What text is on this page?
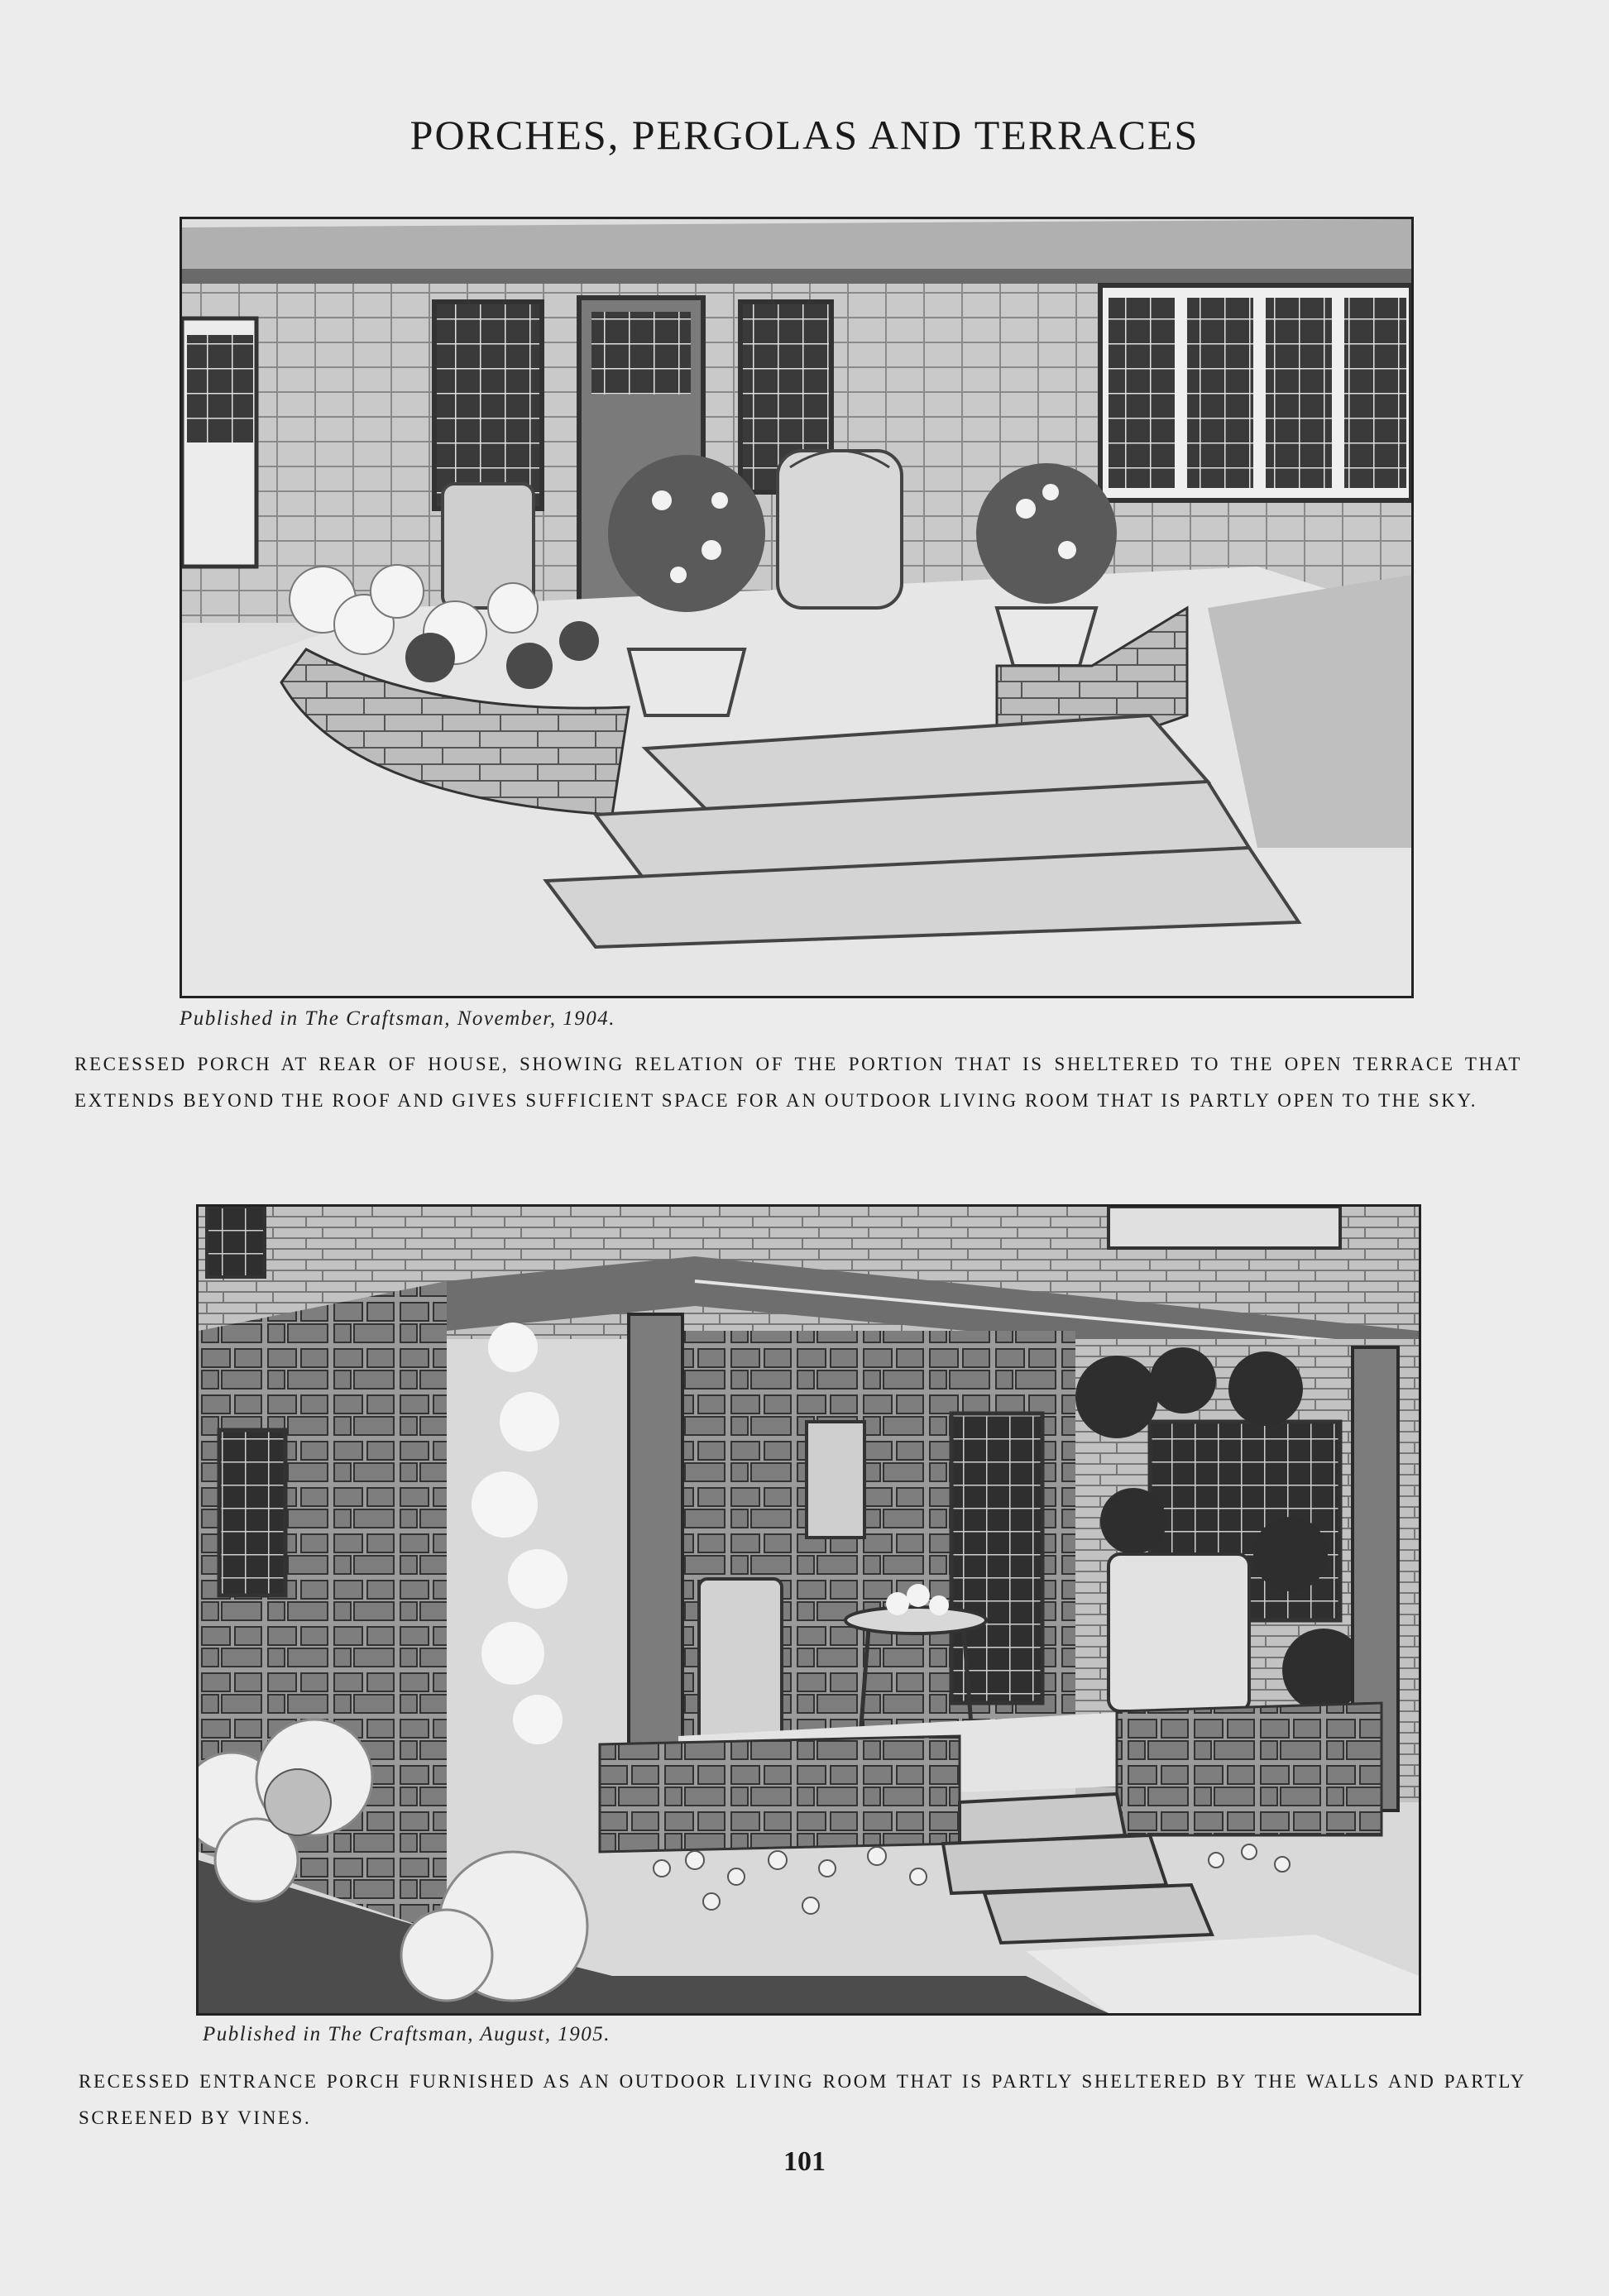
PORCHES, PERGOLAS AND TERRACES
Published in The Craftsman, November, 1904.
RECESSED PORCH AT REAR OF HOUSE, SHOWING RELATION OF THE PORTION THAT IS SHELTERED TO THE OPEN TERRACE THAT EXTENDS BEYOND THE ROOF AND GIVES SUFFICIENT SPACE FOR AN OUTDOOR LIVING ROOM THAT IS PARTLY OPEN TO THE SKY.
Published in The Craftsman, August, 1905.
RECESSED ENTRANCE PORCH FURNISHED AS AN OUTDOOR LIVING ROOM THAT IS PARTLY SHELTERED BY THE WALLS AND PARTLY SCREENED BY VINES.
101
